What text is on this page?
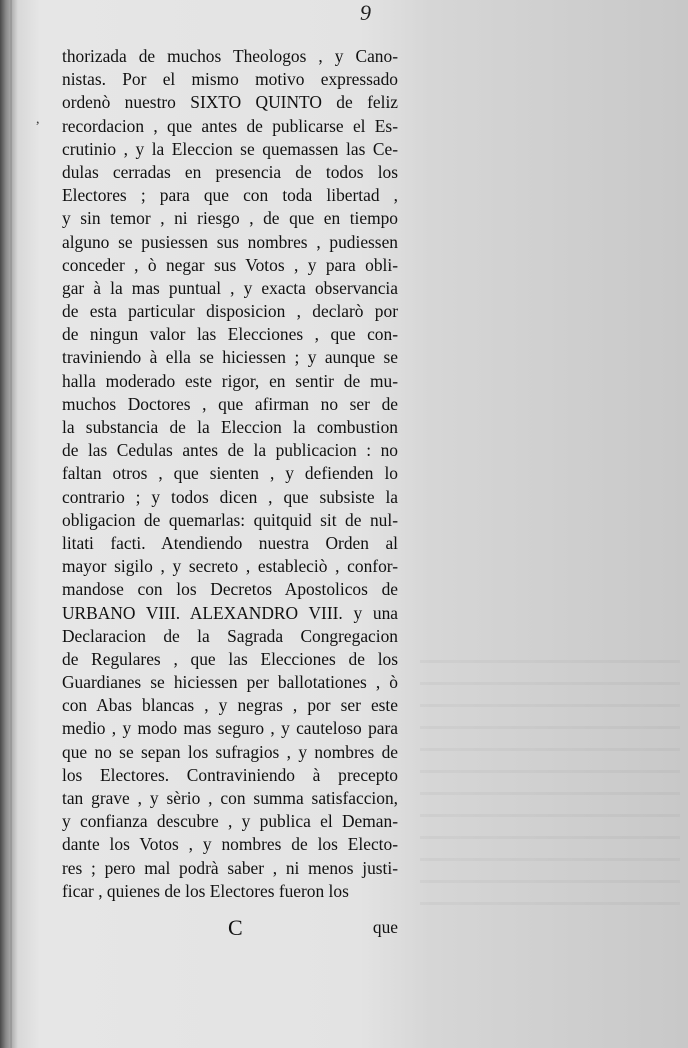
9
thorizada de muchos Theologos , y Cano-
nistas. Por el mismo motivo expressado
ordenò nuestro SIXTO QUINTO de feliz
recordacion , que antes de publicarse el Es-
crutinio , y la Eleccion se quemassen las Ce-
dulas cerradas en presencia de todos los
Electores ; para que con toda libertad ,
y sin temor , ni riesgo , de que en tiempo
alguno se pusiessen sus nombres , pudiessen
conceder , ò negar sus Votos , y para obli-
gar à la mas puntual , y exacta observancia
de esta particular disposicion , declarò por
de ningun valor las Elecciones , que con-
traviniendo à ella se hiciessen ; y aunque se
halla moderado este rigor, en sentir de mu-
muchos Doctores , que afirman no ser de
la substancia de la Eleccion la combustion
de las Cedulas antes de la publicacion : no
faltan otros , que sienten , y defienden lo
contrario ; y todos dicen , que subsiste la
obligacion de quemarlas: quitquid sit de nul-
litati facti. Atendiendo nuestra Orden al
mayor sigilo , y secreto , estableciò , confor-
mandose con los Decretos Apostolicos de
URBANO VIII. ALEXANDRO VIII. y una
Declaracion de la Sagrada Congregacion
de Regulares , que las Elecciones de los
Guardianes se hiciessen per ballotationes , ò
con Abas blancas , y negras , por ser este
medio , y modo mas seguro , y cauteloso para
que no se sepan los sufragios , y nombres de
los Electores. Contraviniendo à precepto
tan grave , y sèrio , con summa satisfaccion,
y confianza descubre , y publica el Deman-
dante los Votos , y nombres de los Electo-
res ; pero mal podrà saber , ni menos justi-
ficar , quienes de los Electores fueron los
C	que
,
